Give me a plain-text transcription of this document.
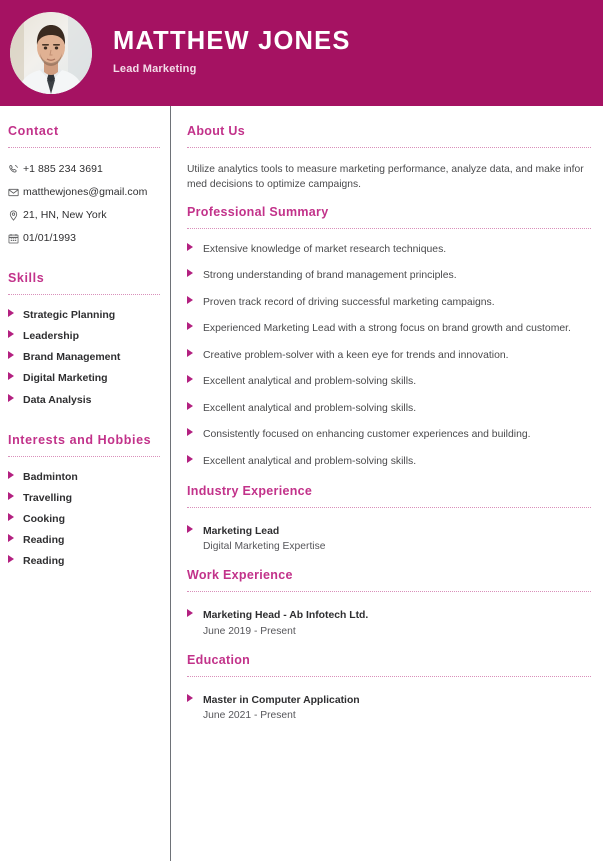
MATTHEW JONES
Lead Marketing
Contact
+1 885 234 3691
matthewjones@gmail.com
21, HN, New York
01/01/1993
Skills
Strategic Planning
Leadership
Brand Management
Digital Marketing
Data Analysis
Interests and Hobbies
Badminton
Travelling
Cooking
Reading
Reading
About Us
Utilize analytics tools to measure marketing performance, analyze data, and make informed decisions to optimize campaigns.
Professional Summary
Extensive knowledge of market research techniques.
Strong understanding of brand management principles.
Proven track record of driving successful marketing campaigns.
Experienced Marketing Lead with a strong focus on brand growth and customer.
Creative problem-solver with a keen eye for trends and innovation.
Excellent analytical and problem-solving skills.
Excellent analytical and problem-solving skills.
Consistently focused on enhancing customer experiences and building.
Excellent analytical and problem-solving skills.
Industry Experience
Marketing Lead
Digital Marketing Expertise
Work Experience
Marketing Head - Ab Infotech Ltd.
June 2019 - Present
Education
Master in Computer Application
June 2021 - Present
